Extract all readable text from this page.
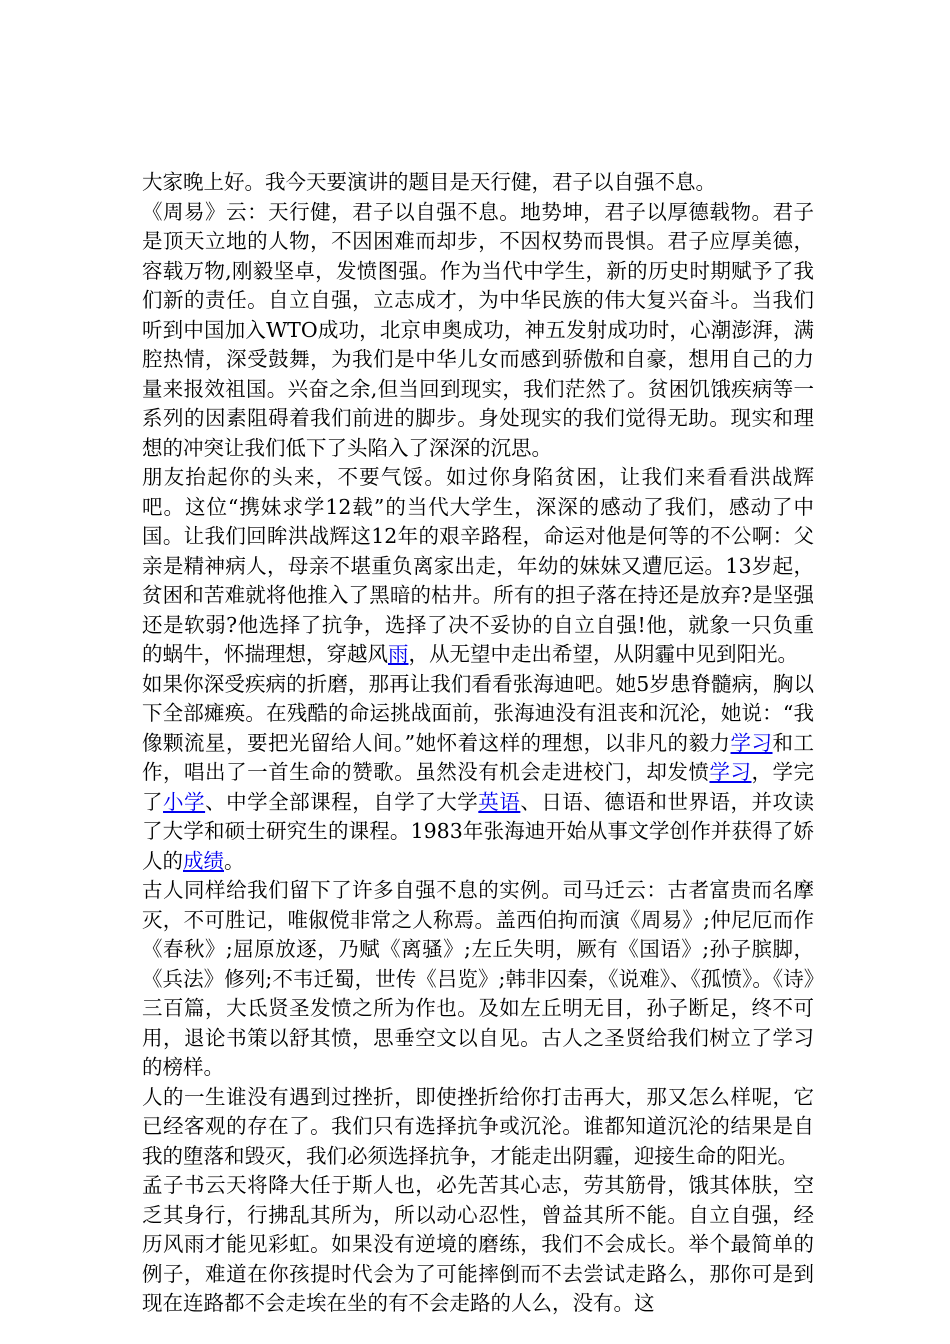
大家晚上好。我今天要演讲的题目是天行健，君子以自强不息。

《周易》云：天行健，君子以自强不息。地势坤，君子以厚德载物。君子是顶天立地的人物，不因困难而却步，不因权势而畏惧。君子应厚美德，容载万物,刚毅坚卓，发愤图强。作为当代中学生，新的历史时期赋予了我们新的责任。自立自强，立志成才，为中华民族的伟大复兴奋斗。当我们听到中国加入WTO成功，北京申奥成功，神五发射成功时，心潮澎湃，满腔热情，深受鼓舞，为我们是中华儿女而感到骄傲和自豪，想用自己的力量来报效祖国。兴奋之余,但当回到现实，我们茫然了。贫困饥饿疾病等一系列的因素阻碍着我们前进的脚步。身处现实的我们觉得无助。现实和理想的冲突让我们低下了头陷入了深深的沉思。

朋友抬起你的头来，不要气馁。如过你身陷贫困，让我们来看看洪战辉吧。这位“携妹求学12载”的当代大学生，深深的感动了我们，感动了中国。让我们回眸洪战辉这12年的艰辛路程，命运对他是何等的不公啊：父亲是精神病人，母亲不堪重负离家出走，年幼的妹妹又遭厄运。13岁起，贫困和苦难就将他推入了黑暗的枯井。所有的担子落在持还是放弃?是坚强还是软弱?他选择了抗争，选择了决不妥协的自立自强!他，就象一只负重的蜗牛，怀揣理想，穿越风雨，从无望中走出希望，从阴霾中见到阳光。

如果你深受疾病的折磨，那再让我们看看张海迪吧。她5岁患脊髓病，胸以下全部瘫痪。在残酷的命运挑战面前，张海迪没有沮丧和沉沦，她说：“我像颗流星，要把光留给人间。”她怀着这样的理想，以非凡的毅力学习和工作，唱出了一首生命的赞歌。虽然没有机会走进校门，却发愤学习，学完了小学、中学全部课程，自学了大学英语、日语、德语和世界语，并攻读了大学和硕士研究生的课程。1983年张海迪开始从事文学创作并获得了娇人的成绩。

古人同样给我们留下了许多自强不息的实例。司马迁云：古者富贵而名摩灭，不可胜记，唯俶傥非常之人称焉。盖西伯拘而演《周易》;仲尼厄而作《春秋》;屈原放逐，乃赋《离骚》;左丘失明，厥有《国语》;孙子膑脚，《兵法》修列;不韦迁蜀，世传《吕览》;韩非囚秦，《说难》、《孤愤》。《诗》三百篇，大氐贤圣发愤之所为作也。及如左丘明无目，孙子断足，终不可用，退论书策以舒其愤，思垂空文以自见。古人之圣贤给我们树立了学习的榜样。

人的一生谁没有遇到过挫折，即使挫折给你打击再大，那又怎么样呢，它已经客观的存在了。我们只有选择抗争或沉沦。谁都知道沉沦的结果是自我的堕落和毁灭，我们必须选择抗争，才能走出阴霾，迎接生命的阳光。

孟子书云天将降大任于斯人也，必先苦其心志，劳其筋骨，饿其体肤，空乏其身行，行拂乱其所为，所以动心忍性，曾益其所不能。自立自强，经历风雨才能见彩虹。如果没有逆境的磨练，我们不会成长。举个最简单的例子，难道在你孩提时代会为了可能摔倒而不去尝试走路么，那你可是到现在连路都不会走埃在坐的有不会走路的人么，没有。这
